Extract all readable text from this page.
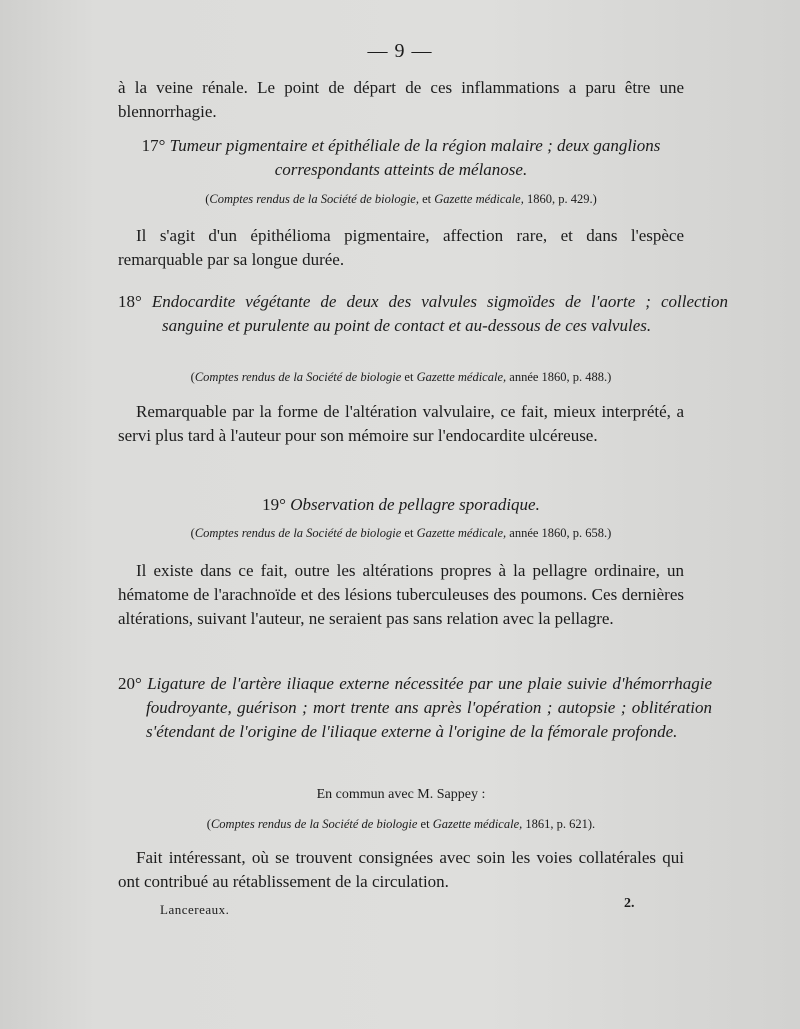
— 9 —
à la veine rénale. Le point de départ de ces inflammations a paru être une blennorrhagie.
17° Tumeur pigmentaire et épithéliale de la région malaire ; deux ganglions correspondants atteints de mélanose.
(Comptes rendus de la Société de biologie, et Gazette médicale, 1860, p. 429.)
Il s'agit d'un épithélioma pigmentaire, affection rare, et dans l'espèce remarquable par sa longue durée.
18° Endocardite végétante de deux des valvules sigmoïdes de l'aorte ; collection sanguine et purulente au point de contact et au-dessous de ces valvules.
(Comptes rendus de la Société de biologie et Gazette médicale, année 1860, p. 488.)
Remarquable par la forme de l'altération valvulaire, ce fait, mieux interprété, a servi plus tard à l'auteur pour son mémoire sur l'endocardite ulcéreuse.
19° Observation de pellagre sporadique.
(Comptes rendus de la Société de biologie et Gazette médicale, année 1860, p. 658.)
Il existe dans ce fait, outre les altérations propres à la pellagre ordinaire, un hématome de l'arachnoïde et des lésions tuberculeuses des poumons. Ces dernières altérations, suivant l'auteur, ne seraient pas sans relation avec la pellagre.
20° Ligature de l'artère iliaque externe nécessitée par une plaie suivie d'hémorrhagie foudroyante, guérison ; mort trente ans après l'opération ; autopsie ; oblitération s'étendant de l'origine de l'iliaque externe à l'origine de la fémorale profonde.
En commun avec M. Sappey :
(Comptes rendus de la Société de biologie et Gazette médicale, 1861, p. 621).
Fait intéressant, où se trouvent consignées avec soin les voies collatérales qui ont contribué au rétablissement de la circulation.
Lancereaux.	2.
